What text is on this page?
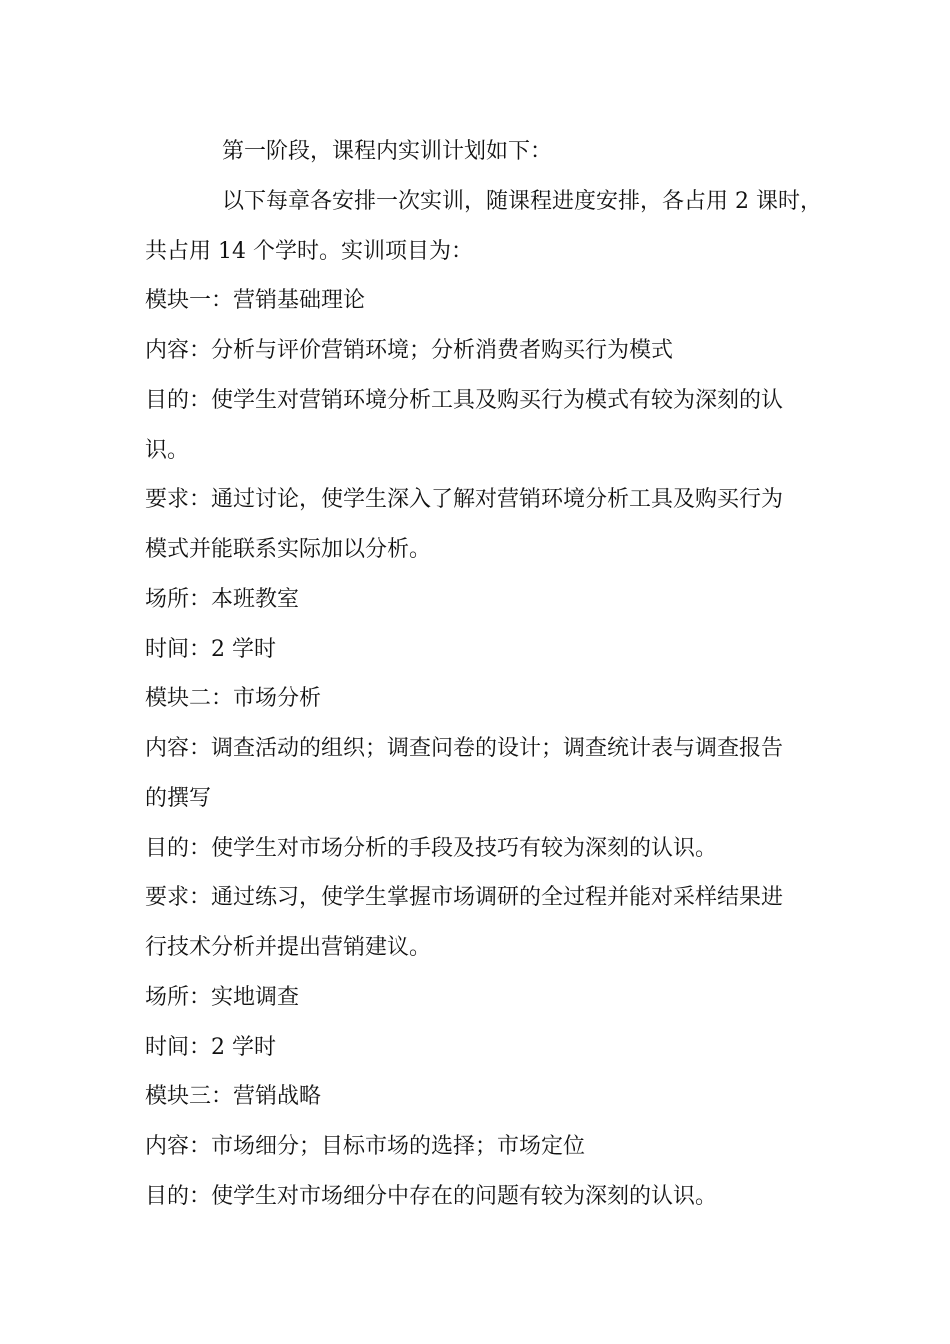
第一阶段，课程内实训计划如下：
以下每章各安排一次实训，随课程进度安排，各占用 2 课时，
共占用 14 个学时。实训项目为：
模块一：营销基础理论
内容：分析与评价营销环境；分析消费者购买行为模式
目的：使学生对营销环境分析工具及购买行为模式有较为深刻的认
识。
要求：通过讨论，使学生深入了解对营销环境分析工具及购买行为
模式并能联系实际加以分析。
场所：本班教室
时间：2 学时
模块二：市场分析
内容：调查活动的组织；调查问卷的设计；调查统计表与调查报告
的撰写
目的：使学生对市场分析的手段及技巧有较为深刻的认识。
要求：通过练习，使学生掌握市场调研的全过程并能对采样结果进
行技术分析并提出营销建议。
场所：实地调查
时间：2 学时
模块三：营销战略
内容：市场细分；目标市场的选择；市场定位
目的：使学生对市场细分中存在的问题有较为深刻的认识。
